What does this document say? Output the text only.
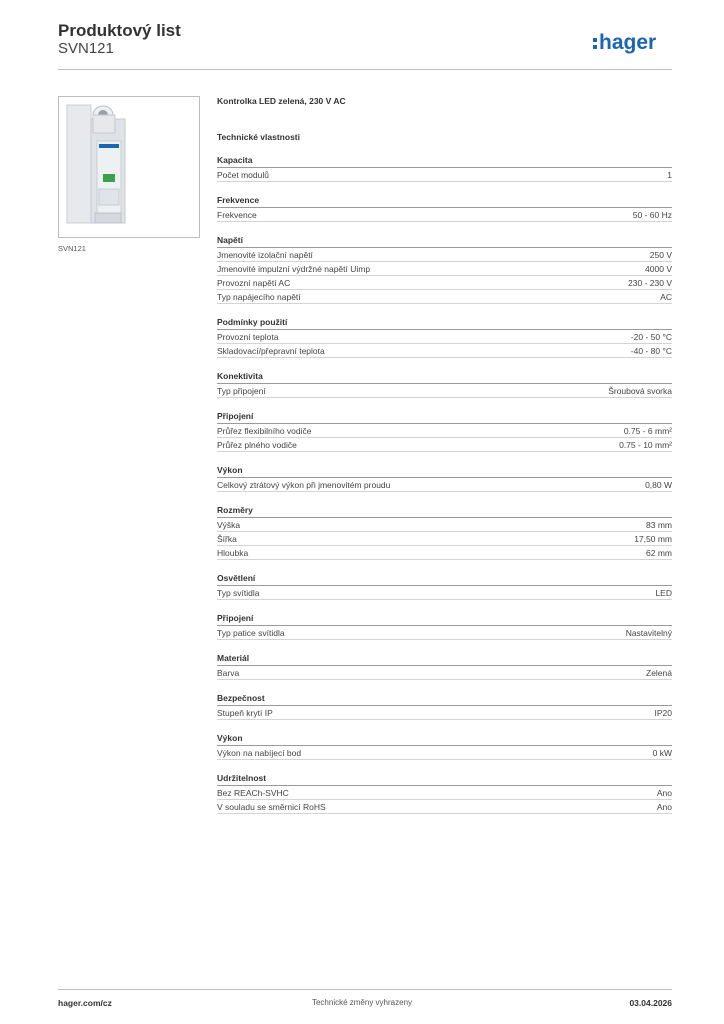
Produktový list
SVN121	hager
SVN121
Kontrolka LED zelená, 230 V AC
Technické vlastnosti
Kapacita
Počet modulů	1
Frekvence
Frekvence	50 - 60 Hz
Napětí
Jmenovité izolační napětí	250 V
Jmenovité impulzní výdržné napětí Uimp	4000 V
Provozní napětí AC	230 - 230 V
Typ napájecího napětí	AC
Podmínky použití
Provozní teplota	-20 - 50 °C
Skladovací/přepravní teplota	-40 - 80 °C
Konektivita
Typ připojení	Šroubová svorka
Připojení
Průřez flexibilního vodiče	0.75 - 6 mm²
Průřez plného vodiče	0.75 - 10 mm²
Výkon
Celkový ztrátový výkon při jmenovitém proudu	0,80 W
Rozměry
Výška	83 mm
Šířka	17,50 mm
Hloubka	62 mm
Osvětlení
Typ svítidla	LED
Připojení
Typ patice svítidla	Nastavitelný
Materiál
Barva	Zelená
Bezpečnost
Stupeň krytí IP	IP20
Výkon
Výkon na nabíjecí bod	0 kW
Udržitelnost
Bez REACh-SVHC	Ano
V souladu se směrnicí RoHS	Ano
hager.com/cz	Technické změny vyhrazeny	03.04.2026
